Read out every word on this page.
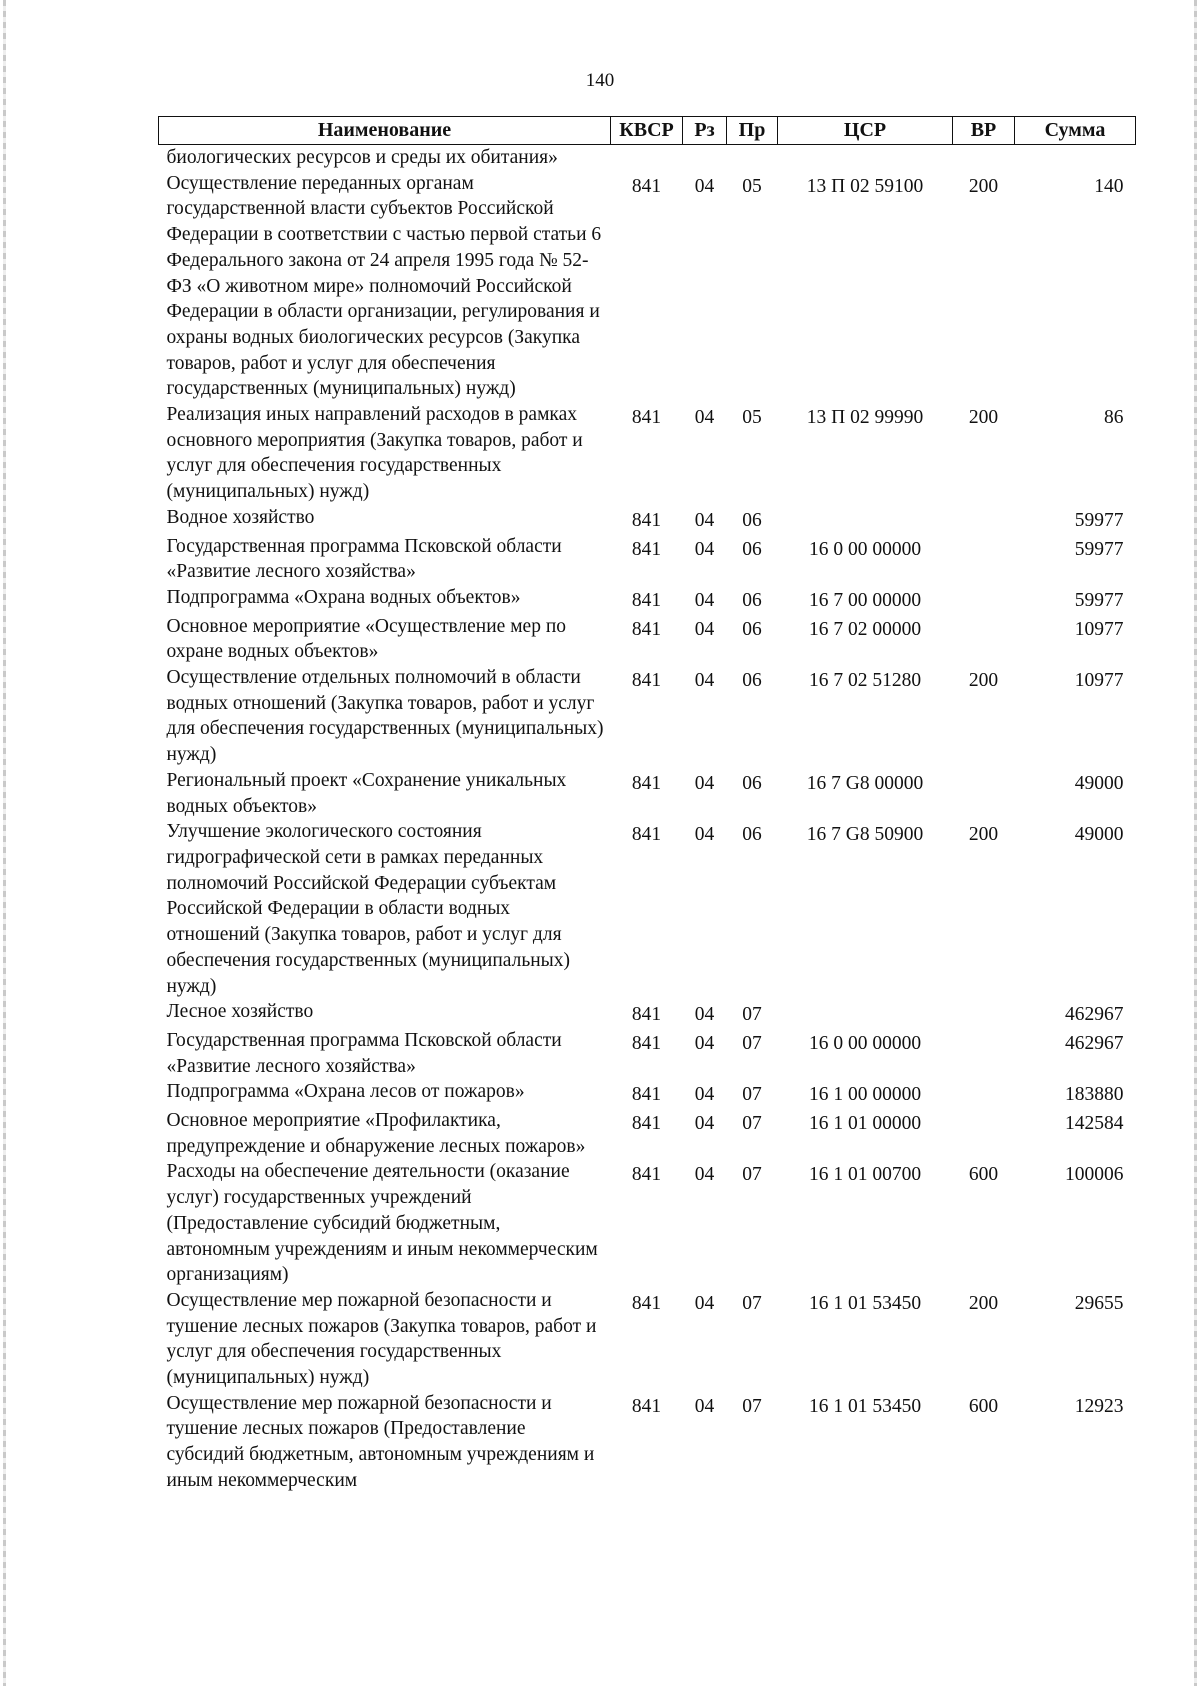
140
Наименование	КВСР	Рз	Пр	ЦСР	ВР	Сумма
биологических ресурсов и среды их обитания»						
Осуществление переданных органам государственной власти субъектов Российской Федерации в соответствии с частью первой статьи 6 Федерального закона от 24 апреля 1995 года № 52-ФЗ «О животном мире» полномочий Российской Федерации в области организации, регулирования и охраны водных биологических ресурсов (Закупка товаров, работ и услуг для обеспечения государственных (муниципальных) нужд)	841	04	05	13 П 02 59100	200	140
Реализация иных направлений расходов в рамках основного мероприятия (Закупка товаров, работ и услуг для обеспечения государственных (муниципальных) нужд)	841	04	05	13 П 02 99990	200	86
Водное хозяйство	841	04	06			59977
Государственная программа Псковской области «Развитие лесного хозяйства»	841	04	06	16 0 00 00000		59977
Подпрограмма «Охрана водных объектов»	841	04	06	16 7 00 00000		59977
Основное мероприятие «Осуществление мер по охране водных объектов»	841	04	06	16 7 02 00000		10977
Осуществление отдельных полномочий в области водных отношений (Закупка товаров, работ и услуг для обеспечения государственных (муниципальных) нужд)	841	04	06	16 7 02 51280	200	10977
Региональный проект «Сохранение уникальных водных объектов»	841	04	06	16 7 G8 00000		49000
Улучшение экологического состояния гидрографической сети в рамках переданных полномочий Российской Федерации субъектам Российской Федерации в области водных отношений (Закупка товаров, работ и услуг для обеспечения государственных (муниципальных) нужд)	841	04	06	16 7 G8 50900	200	49000
Лесное хозяйство	841	04	07			462967
Государственная программа Псковской области «Развитие лесного хозяйства»	841	04	07	16 0 00 00000		462967
Подпрограмма «Охрана лесов от пожаров»	841	04	07	16 1 00 00000		183880
Основное мероприятие «Профилактика, предупреждение и обнаружение лесных пожаров»	841	04	07	16 1 01 00000		142584
Расходы на обеспечение деятельности (оказание услуг) государственных учреждений (Предоставление субсидий бюджетным, автономным учреждениям и иным некоммерческим организациям)	841	04	07	16 1 01 00700	600	100006
Осуществление мер пожарной безопасности и тушение лесных пожаров (Закупка товаров, работ и услуг для обеспечения государственных (муниципальных) нужд)	841	04	07	16 1 01 53450	200	29655
Осуществление мер пожарной безопасности и тушение лесных пожаров (Предоставление субсидий бюджетным, автономным учреждениям и иным некоммерческим	841	04	07	16 1 01 53450	600	12923
